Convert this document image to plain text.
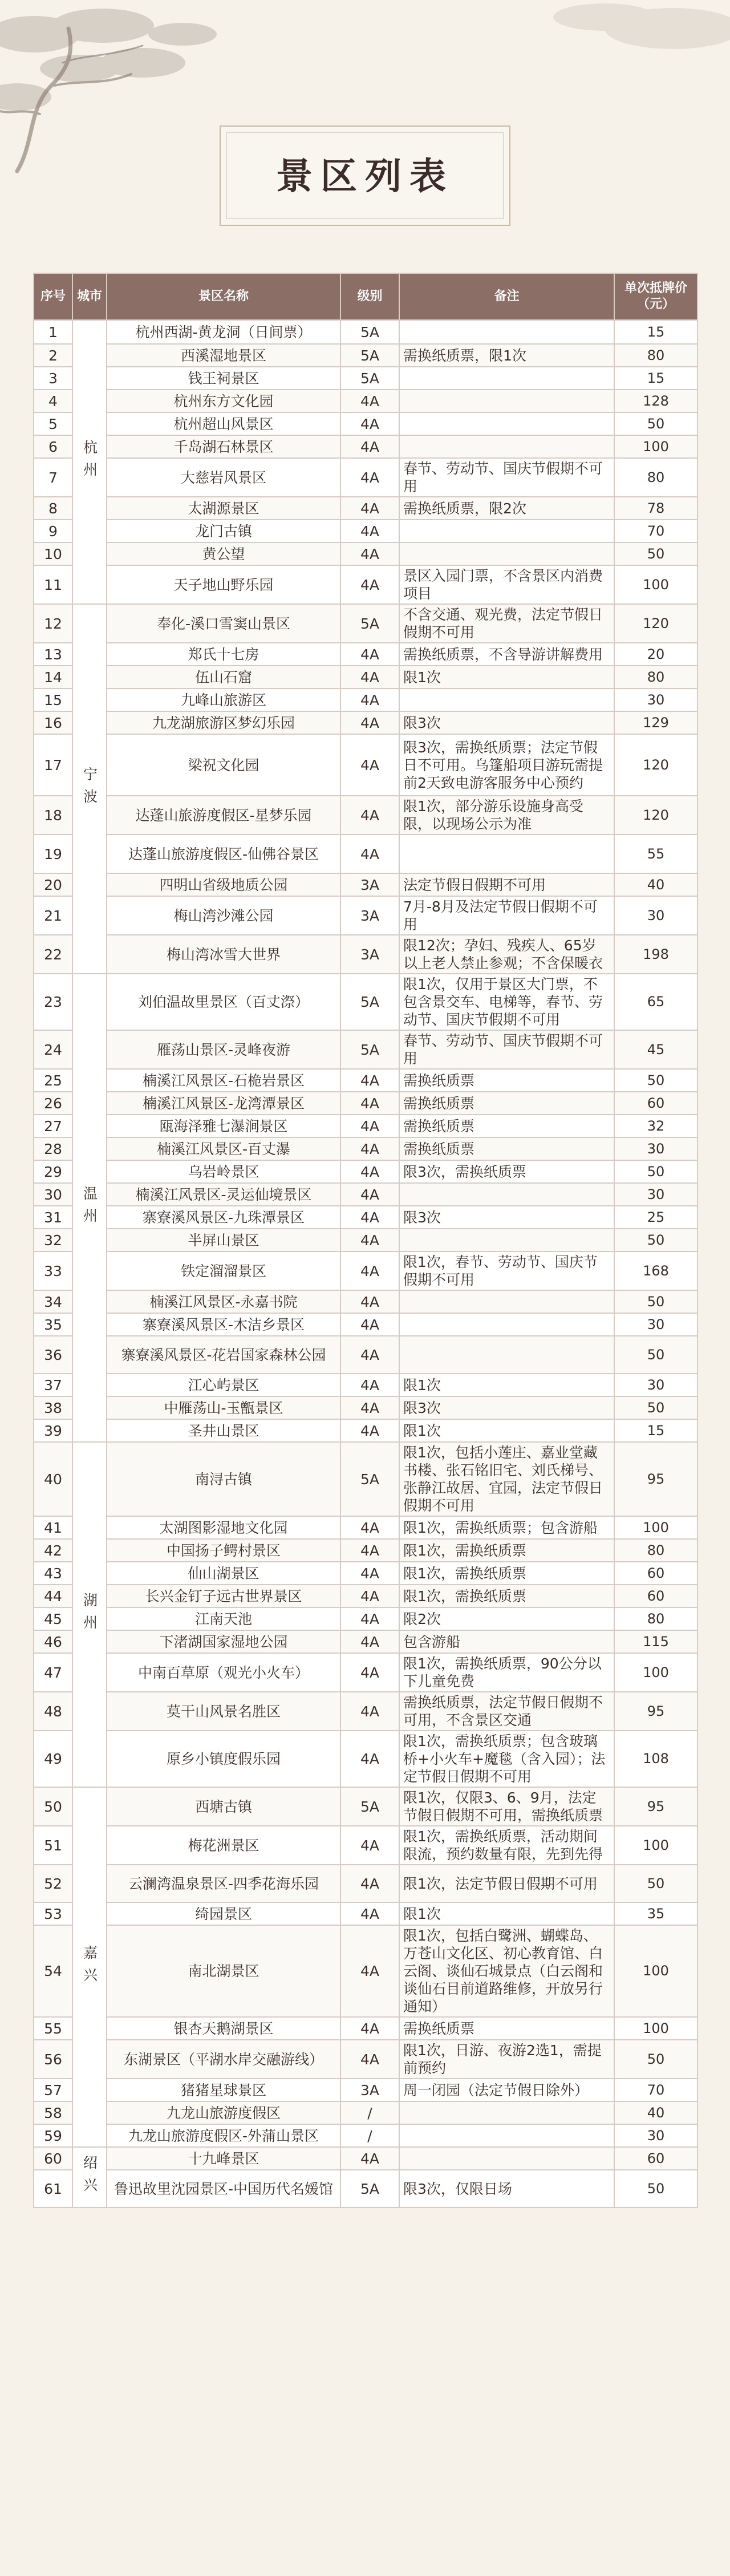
景区列表
序号	城市	景区名称	级别	备注	单次抵牌价（元）
1	杭州	杭州西湖-黄龙洞（日间票）	5A		15
2		西溪湿地景区	5A	需换纸质票，限1次	80
3		钱王祠景区	5A		15
4		杭州东方文化园	4A		128
5		杭州超山风景区	4A		50
6		千岛湖石林景区	4A		100
7		大慈岩风景区	4A	春节、劳动节、国庆节假期不可用	80
8		太湖源景区	4A	需换纸质票，限2次	78
9		龙门古镇	4A		70
10		黄公望	4A		50
11		天子地山野乐园	4A	景区入园门票，不含景区内消费项目	100
12	宁波	奉化-溪口雪窦山景区	5A	不含交通、观光费，法定节假日假期不可用	120
13		郑氏十七房	4A	需换纸质票，不含导游讲解费用	20
14		伍山石窟	4A	限1次	80
15		九峰山旅游区	4A		30
16		九龙湖旅游区梦幻乐园	4A	限3次	129
17		梁祝文化园	4A	限3次，需换纸质票；法定节假日不可用。乌篷船项目游玩需提前2天致电游客服务中心预约	120
18		达蓬山旅游度假区-星梦乐园	4A	限1次，部分游乐设施身高受限，以现场公示为准	120
19		达蓬山旅游度假区-仙佛谷景区	4A		55
20		四明山省级地质公园	3A	法定节假日假期不可用	40
21		梅山湾沙滩公园	3A	7月-8月及法定节假日假期不可用	30
22		梅山湾冰雪大世界	3A	限12次；孕妇、残疾人、65岁以上老人禁止参观；不含保暖衣	198
23	温州	刘伯温故里景区（百丈漈）	5A	限1次，仅用于景区大门票，不包含景交车、电梯等，春节、劳动节、国庆节假期不可用	65
24		雁荡山景区-灵峰夜游	5A	春节、劳动节、国庆节假期不可用	45
25		楠溪江风景区-石桅岩景区	4A	需换纸质票	50
26		楠溪江风景区-龙湾潭景区	4A	需换纸质票	60
27		瓯海泽雅七瀑涧景区	4A	需换纸质票	32
28		楠溪江风景区-百丈瀑	4A	需换纸质票	30
29		乌岩岭景区	4A	限3次，需换纸质票	50
30		楠溪江风景区-灵运仙境景区	4A		30
31		寨寮溪风景区-九珠潭景区	4A	限3次	25
32		半屏山景区	4A		50
33		铁定溜溜景区	4A	限1次，春节、劳动节、国庆节假期不可用	168
34		楠溪江风景区-永嘉书院	4A		50
35		寨寮溪风景区-木洁乡景区	4A		30
36		寨寮溪风景区-花岩国家森林公园	4A		50
37		江心屿景区	4A	限1次	30
38		中雁荡山-玉甑景区	4A	限3次	50
39		圣井山景区	4A	限1次	15
40	湖州	南浔古镇	5A	限1次，包括小莲庄、嘉业堂藏书楼、张石铭旧宅、刘氏梯号、张静江故居、宜园，法定节假日假期不可用	95
41		太湖图影湿地文化园	4A	限1次，需换纸质票；包含游船	100
42		中国扬子鳄村景区	4A	限1次，需换纸质票	80
43		仙山湖景区	4A	限1次，需换纸质票	60
44		长兴金钉子远古世界景区	4A	限1次，需换纸质票	60
45		江南天池	4A	限2次	80
46		下渚湖国家湿地公园	4A	包含游船	115
47		中南百草原（观光小火车）	4A	限1次，需换纸质票，90公分以下儿童免费	100
48		莫干山风景名胜区	4A	需换纸质票，法定节假日假期不可用，不含景区交通	95
49		原乡小镇度假乐园	4A	限1次，需换纸质票；包含玻璃桥+小火车+魔毯（含入园）；法定节假日假期不可用	108
50	嘉兴	西塘古镇	5A	限1次，仅限3、6、9月，法定节假日假期不可用，需换纸质票	95
51		梅花洲景区	4A	限1次，需换纸质票，活动期间限流，预约数量有限，先到先得	100
52		云澜湾温泉景区-四季花海乐园	4A	限1次，法定节假日假期不可用	50
53		绮园景区	4A	限1次	35
54		南北湖景区	4A	限1次，包括白鹭洲、蝴蝶岛、万苍山文化区、初心教育馆、白云阁、谈仙石城景点（白云阁和谈仙石目前道路维修，开放另行通知）	100
55		银杏天鹅湖景区	4A	需换纸质票	100
56		东湖景区（平湖水岸交融游线）	4A	限1次，日游、夜游2选1，需提前预约	50
57		猪猪星球景区	3A	周一闭园（法定节假日除外）	70
58		九龙山旅游度假区	/		40
59		九龙山旅游度假区-外蒲山景区	/		30
60	绍兴	十九峰景区	4A		60
61		鲁迅故里沈园景区-中国历代名媛馆	5A	限3次，仅限日场	50
